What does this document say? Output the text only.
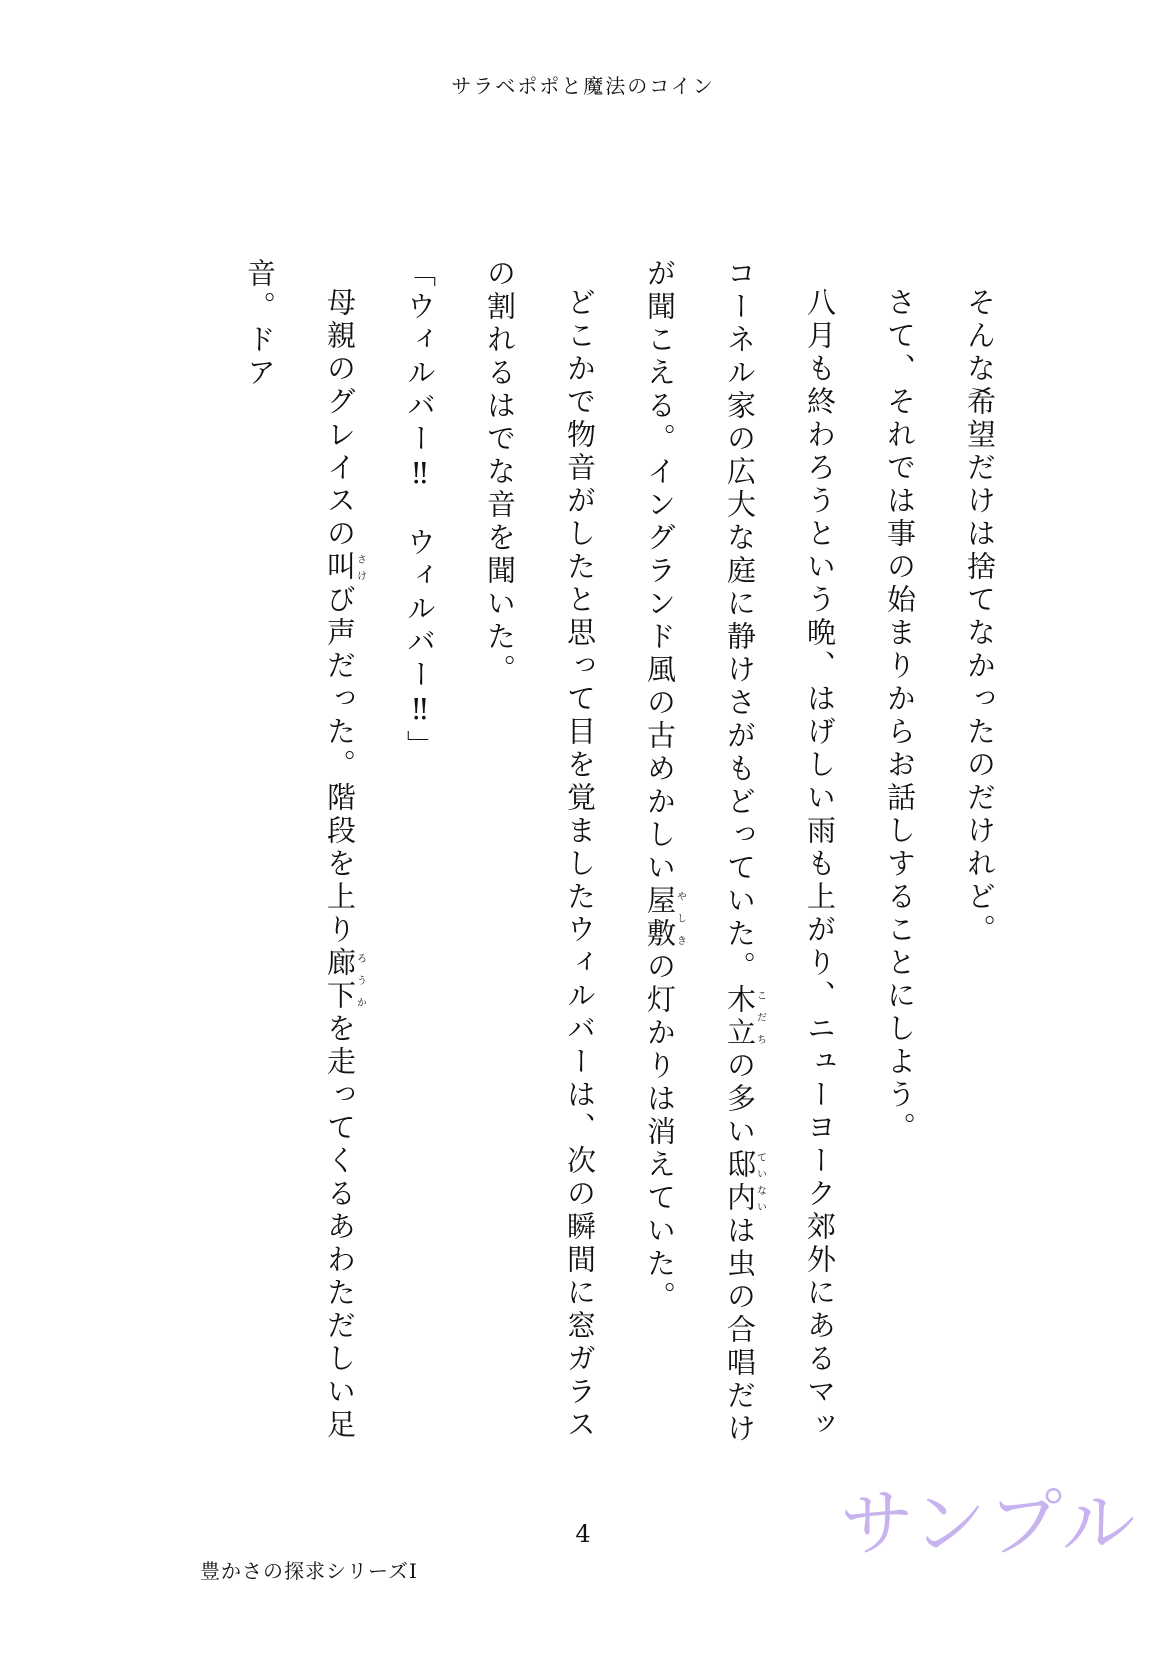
サラベポポと魔法のコイン

そんな希望だけは捨てなかったのだけれど。

さて、それでは事の始まりからお話しすることにしよう。

八月も終わろうという晩、はげしい雨も上がり、ニューヨーク郊外にあるマッコーネル家の広大な庭に静けさがもどっていた。木立こだちの多い邸内ていないは虫の合唱だけが聞こえる。イングランド風の古めかしい屋敷やしきの灯かりは消えていた。

どこかで物音がしたと思って目を覚ましたウィルバーは、次の瞬間に窓ガラスの割れるはでな音を聞いた。

「ウィルバー‼　ウィルバー‼」

母親のグレイスの叫さけび声だった。階段を上り廊下ろうかを走ってくるあわただしい足音。ドア

4
豊かさの探求シリーズⅠ
サンプル
